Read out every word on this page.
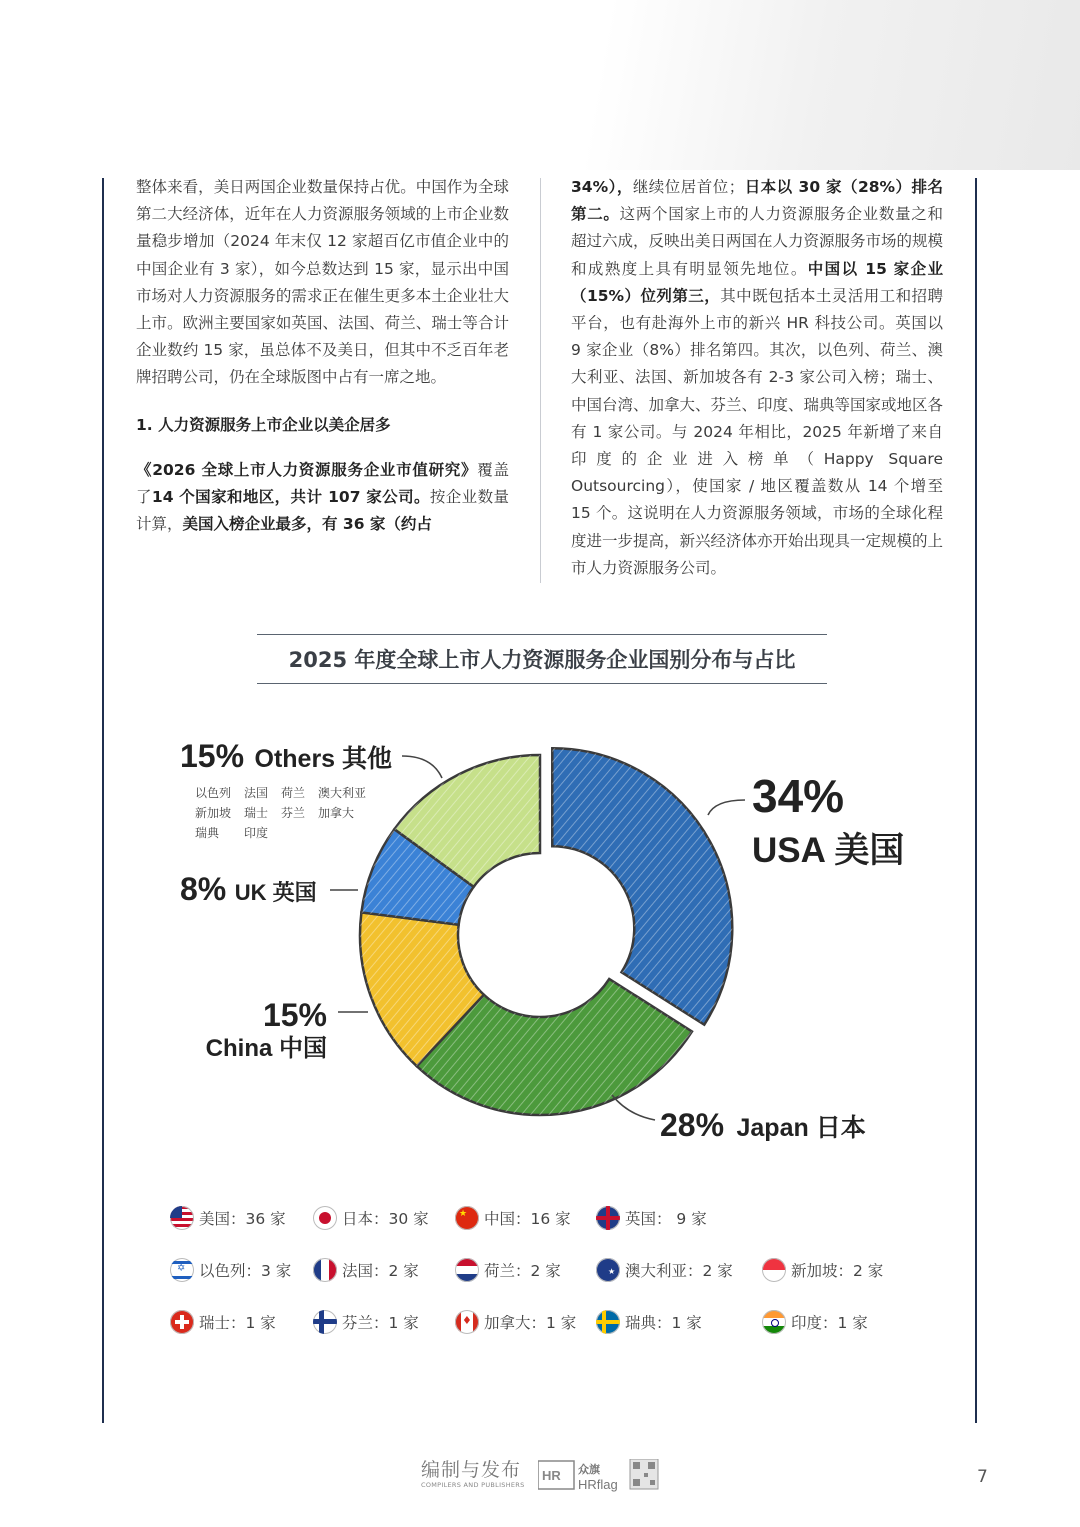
整体来看，美日两国企业数量保持占优。中国作为全球第二大经济体，近年在人力资源服务领域的上市企业数量稳步增加（2024 年末仅 12 家超百亿市值企业中的中国企业有 3 家），如今总数达到 15 家，显示出中国市场对人力资源服务的需求正在催生更多本土企业壮大上市。欧洲主要国家如英国、法国、荷兰、瑞士等合计企业数约 15 家，虽总体不及美日，但其中不乏百年老牌招聘公司，仍在全球版图中占有一席之地。

1. 人力资源服务上市企业以美企居多

《2026 全球上市人力资源服务企业市值研究》覆盖了14 个国家和地区，共计 107 家公司。按企业数量计算，美国入榜企业最多，有 36 家（约占

34%），继续位居首位；日本以 30 家（28%）排名第二。这两个国家上市的人力资源服务企业数量之和超过六成，反映出美日两国在人力资源服务市场的规模和成熟度上具有明显领先地位。中国以 15 家企业（15%）位列第三，其中既包括本土灵活用工和招聘平台，也有赴海外上市的新兴 HR 科技公司。英国以 9 家企业（8%）排名第四。其次，以色列、荷兰、澳大利亚、法国、新加坡各有 2-3 家公司入榜；瑞士、中国台湾、加拿大、芬兰、印度、瑞典等国家或地区各有 1 家公司。与 2024 年相比，2025 年新增了来自印度的企业进入榜单（Happy Square Outsourcing），使国家 / 地区覆盖数从 14 个增至 15 个。这说明在人力资源服务领域，市场的全球化程度进一步提高，新兴经济体亦开始出现具一定规模的上市人力资源服务公司。

2025 年度全球上市人力资源服务企业国别分布与占比
34%
USA 美国
28% Japan 日本
15%
China 中国
8% UK 英国
15% Others 其他
以色列 法国 荷兰 澳大利亚
新加坡 瑞士 芬兰 加拿大
瑞典 印度
美国：36 家	日本：30 家	★ 中国：16 家	英国： 9 家
✡ 以色列：3 家	法国：2 家	荷兰：2 家	★ 澳大利亚：2 家	新加坡：2 家
瑞士：1 家	芬兰：1 家	♦ 加拿大：1 家	瑞典：1 家	印度：1 家
编制与发布
COMPILERS AND PUBLISHERS
HR 众旗
HRflag	7
